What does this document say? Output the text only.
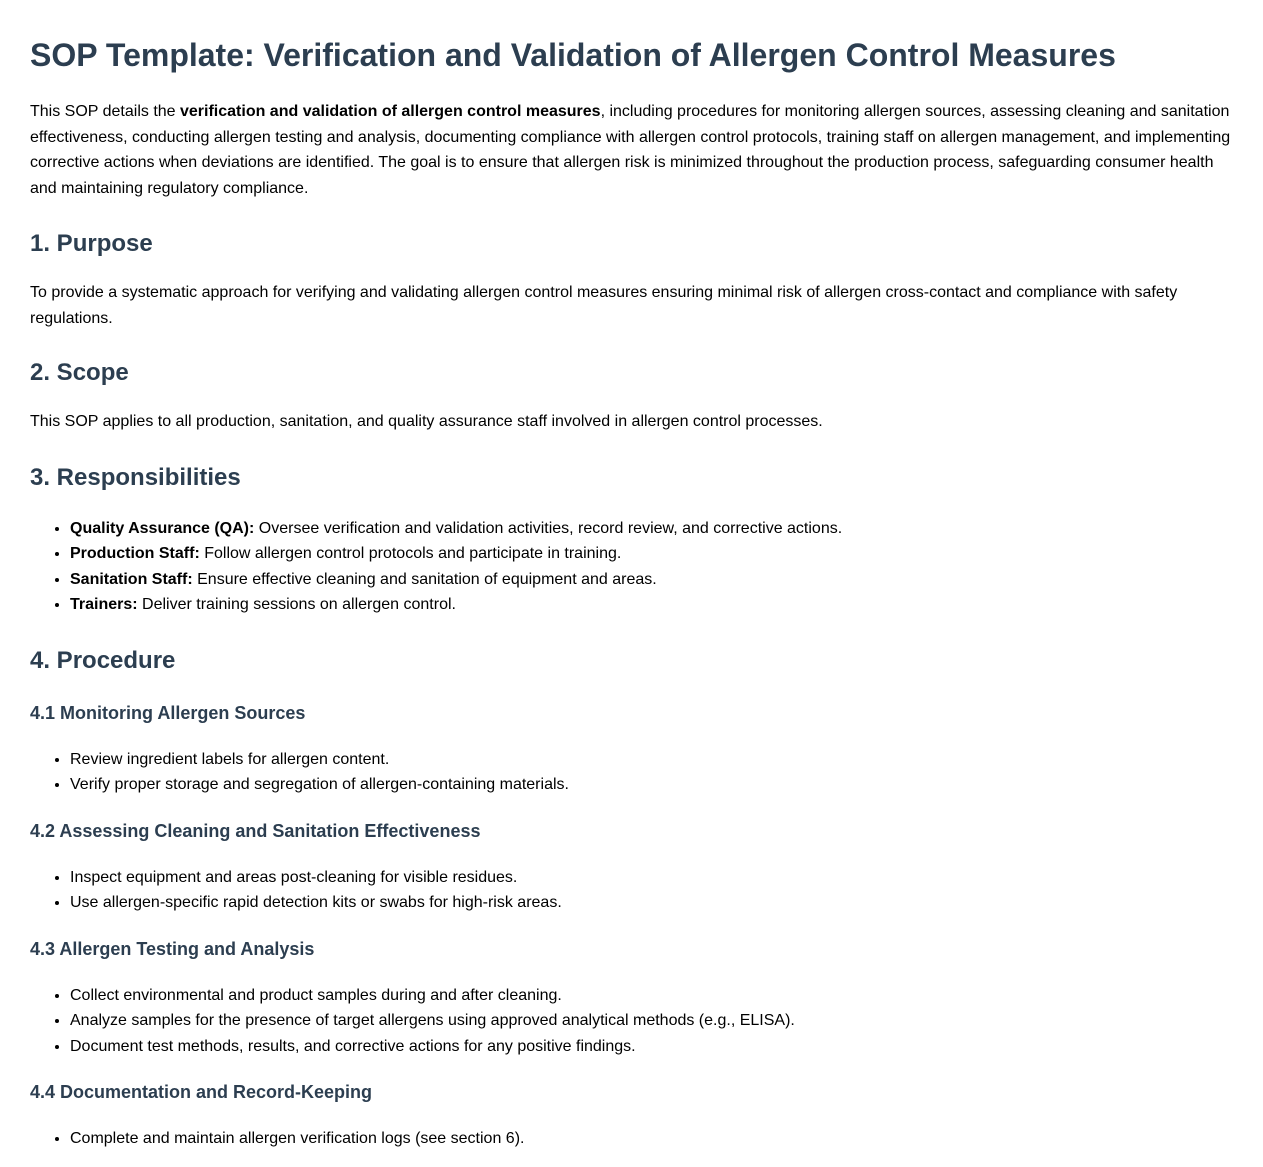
SOP Template: Verification and Validation of Allergen Control Measures

This SOP details the verification and validation of allergen control measures, including procedures for monitoring allergen sources, assessing cleaning and sanitation effectiveness, conducting allergen testing and analysis, documenting compliance with allergen control protocols, training staff on allergen management, and implementing corrective actions when deviations are identified. The goal is to ensure that allergen risk is minimized throughout the production process, safeguarding consumer health and maintaining regulatory compliance.

1. Purpose

To provide a systematic approach for verifying and validating allergen control measures ensuring minimal risk of allergen cross-contact and compliance with safety regulations.

2. Scope

This SOP applies to all production, sanitation, and quality assurance staff involved in allergen control processes.

3. Responsibilities
• Quality Assurance (QA): Oversee verification and validation activities, record review, and corrective actions.
• Production Staff: Follow allergen control protocols and participate in training.
• Sanitation Staff: Ensure effective cleaning and sanitation of equipment and areas.
• Trainers: Deliver training sessions on allergen control.
4. Procedure
4.1 Monitoring Allergen Sources
• Review ingredient labels for allergen content.
• Verify proper storage and segregation of allergen-containing materials.
4.2 Assessing Cleaning and Sanitation Effectiveness
• Inspect equipment and areas post-cleaning for visible residues.
• Use allergen-specific rapid detection kits or swabs for high-risk areas.
4.3 Allergen Testing and Analysis
• Collect environmental and product samples during and after cleaning.
• Analyze samples for the presence of target allergens using approved analytical methods (e.g., ELISA).
• Document test methods, results, and corrective actions for any positive findings.
4.4 Documentation and Record-Keeping
• Complete and maintain allergen verification logs (see section 6).
